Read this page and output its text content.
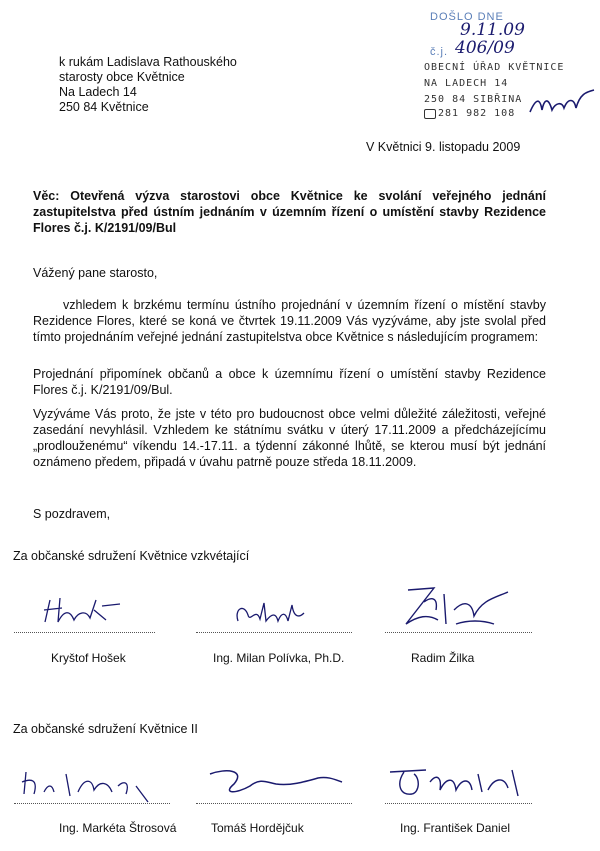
DOŠLO DNE
9.11.09
č.j. 406/09
OBECNÍ ÚŘAD KVĚTNICE
NA LADECH 14
250 84 SIBŘINA
281 982 108
k rukám Ladislava Rathouského
starosty obce Květnice
Na Ladech 14
250 84 Květnice
V Květnici 9. listopadu 2009
Věc: Otevřená výzva starostovi obce Květnice ke svolání veřejného jednání zastupitelstva před ústním jednáním v územním řízení o umístění stavby Rezidence Flores č.j. K/2191/09/Bul
Vážený pane starosto,
vzhledem k brzkému termínu ústního projednání v územním řízení o místění stavby Rezidence Flores, které se koná ve čtvrtek 19.11.2009 Vás vyzýváme, aby jste svolal před tímto projednáním veřejné jednání zastupitelstva obce Květnice s následujícím programem:
Projednání připomínek občanů a obce k územnímu řízení o umístění stavby Rezidence Flores č.j. K/2191/09/Bul.
Vyzýváme Vás proto, že jste v této pro budoucnost obce velmi důležité záležitosti, veřejné zasedání nevyhlásil. Vzhledem ke státnímu svátku v úterý 17.11.2009 a předcházejícímu „prodlouženému“ víkendu 14.-17.11. a týdenní zákonné lhůtě, se kterou musí být jednání oznámeno předem, připadá v úvahu patrně pouze středa 18.11.2009.
S pozdravem,
Za občanské sdružení Květnice vzkvétající
Kryštof Hošek	Ing. Milan Polívka, Ph.D.	Radim Žilka
Za občanské sdružení Květnice II
Ing. Markéta Štrosová	Tomáš Hordějčuk	Ing. František Daniel
